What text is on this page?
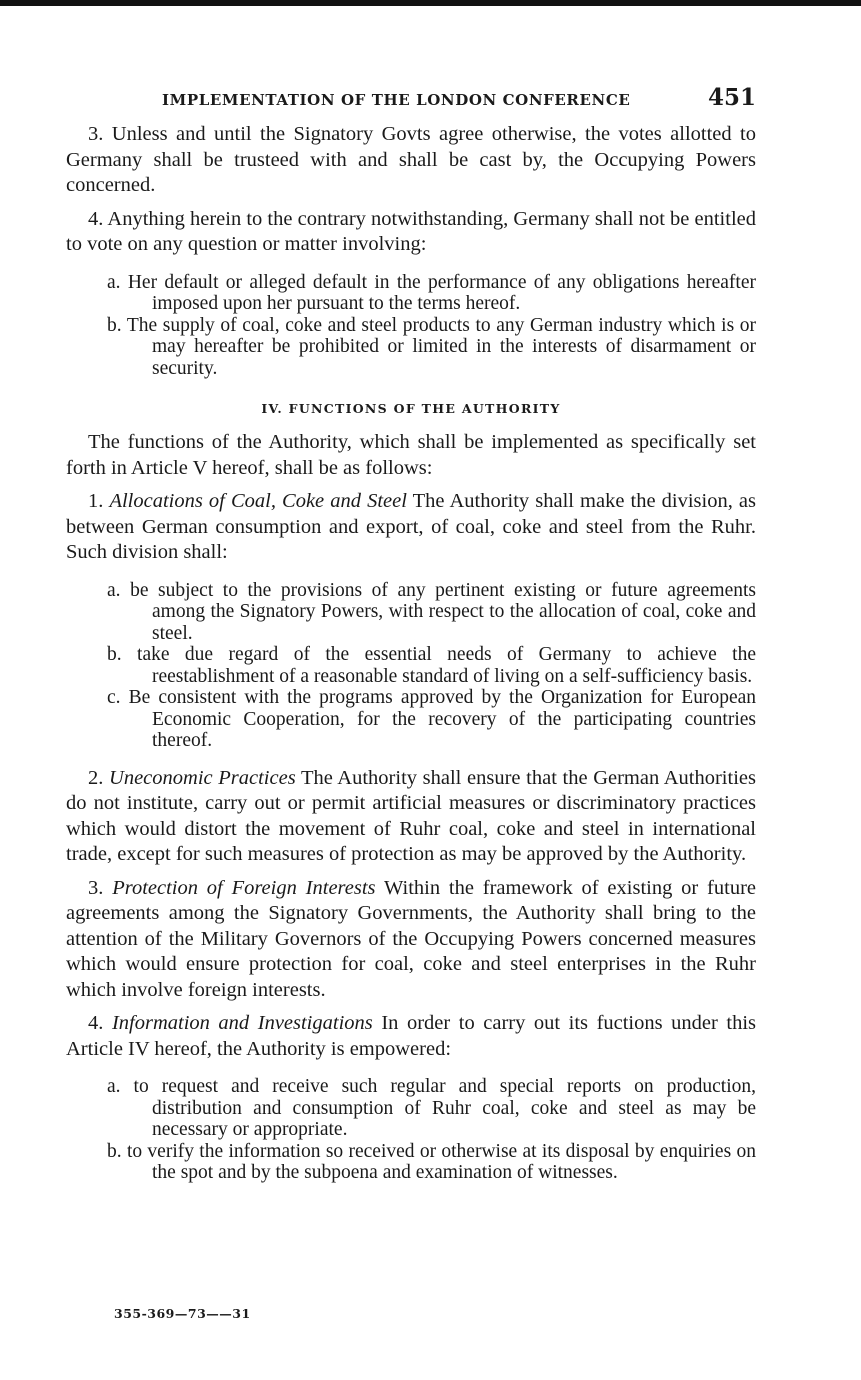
IMPLEMENTATION OF THE LONDON CONFERENCE	451

3. Unless and until the Signatory Govts agree otherwise, the votes allotted to Germany shall be trusteed with and shall be cast by, the Occupying Powers concerned.

4. Anything herein to the contrary notwithstanding, Germany shall not be entitled to vote on any question or matter involving:

a. Her default or alleged default in the performance of any obligations hereafter imposed upon her pursuant to the terms hereof.

b. The supply of coal, coke and steel products to any German industry which is or may hereafter be prohibited or limited in the interests of disarmament or security.

IV. FUNCTIONS OF THE AUTHORITY

The functions of the Authority, which shall be implemented as specifically set forth in Article V hereof, shall be as follows:

1. Allocations of Coal, Coke and Steel The Authority shall make the division, as between German consumption and export, of coal, coke and steel from the Ruhr. Such division shall:

a. be subject to the provisions of any pertinent existing or future agreements among the Signatory Powers, with respect to the allocation of coal, coke and steel.

b. take due regard of the essential needs of Germany to achieve the reestablishment of a reasonable standard of living on a self-sufficiency basis.

c. Be consistent with the programs approved by the Organization for European Economic Cooperation, for the recovery of the participating countries thereof.

2. Uneconomic Practices The Authority shall ensure that the German Authorities do not institute, carry out or permit artificial measures or discriminatory practices which would distort the movement of Ruhr coal, coke and steel in international trade, except for such measures of protection as may be approved by the Authority.

3. Protection of Foreign Interests Within the framework of existing or future agreements among the Signatory Governments, the Authority shall bring to the attention of the Military Governors of the Occupying Powers concerned measures which would ensure protection for coal, coke and steel enterprises in the Ruhr which involve foreign interests.

4. Information and Investigations In order to carry out its fuctions under this Article IV hereof, the Authority is empowered:

a. to request and receive such regular and special reports on production, distribution and consumption of Ruhr coal, coke and steel as may be necessary or appropriate.

b. to verify the information so received or otherwise at its disposal by enquiries on the spot and by the subpoena and examination of witnesses.

355-369—73——31
